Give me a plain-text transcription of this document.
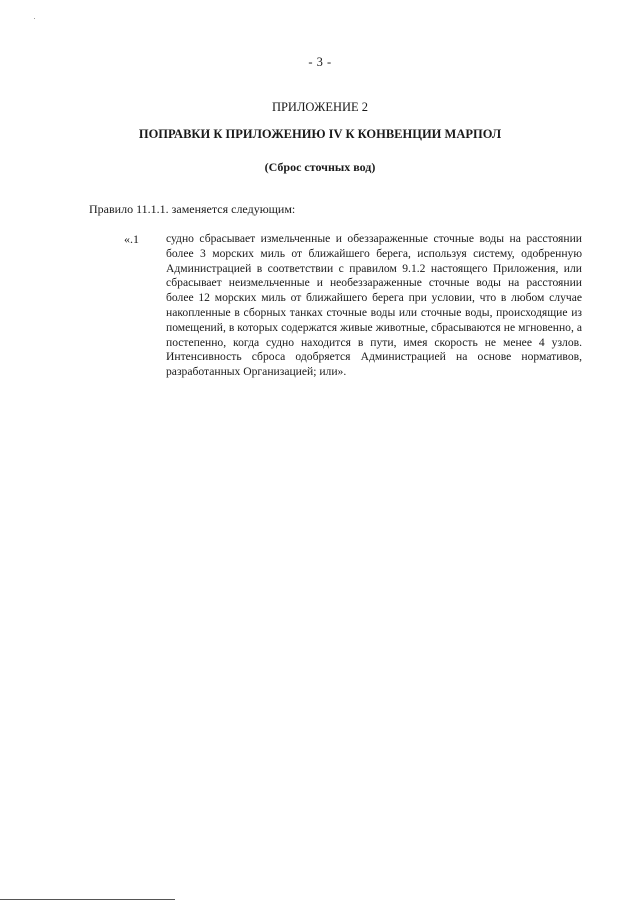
- 3 -
ПРИЛОЖЕНИЕ 2
ПОПРАВКИ К ПРИЛОЖЕНИЮ IV К КОНВЕНЦИИ МАРПОЛ
(Сброс сточных вод)
Правило 11.1.1. заменяется следующим:
«.1 судно сбрасывает измельченные и обеззараженные сточные воды на расстоянии более 3 морских миль от ближайшего берега, используя систему, одобренную Администрацией в соответствии с правилом 9.1.2 настоящего Приложения, или сбрасывает неизмельченные и необеззараженные сточные воды на расстоянии более 12 морских миль от ближайшего берега при условии, что в любом случае накопленные в сборных танках сточные воды или сточные воды, происходящие из помещений, в которых содержатся живые животные, сбрасываются не мгновенно, а постепенно, когда судно находится в пути, имея скорость не менее 4 узлов. Интенсивность сброса одобряется Администрацией на основе нормативов, разработанных Организацией; или».
